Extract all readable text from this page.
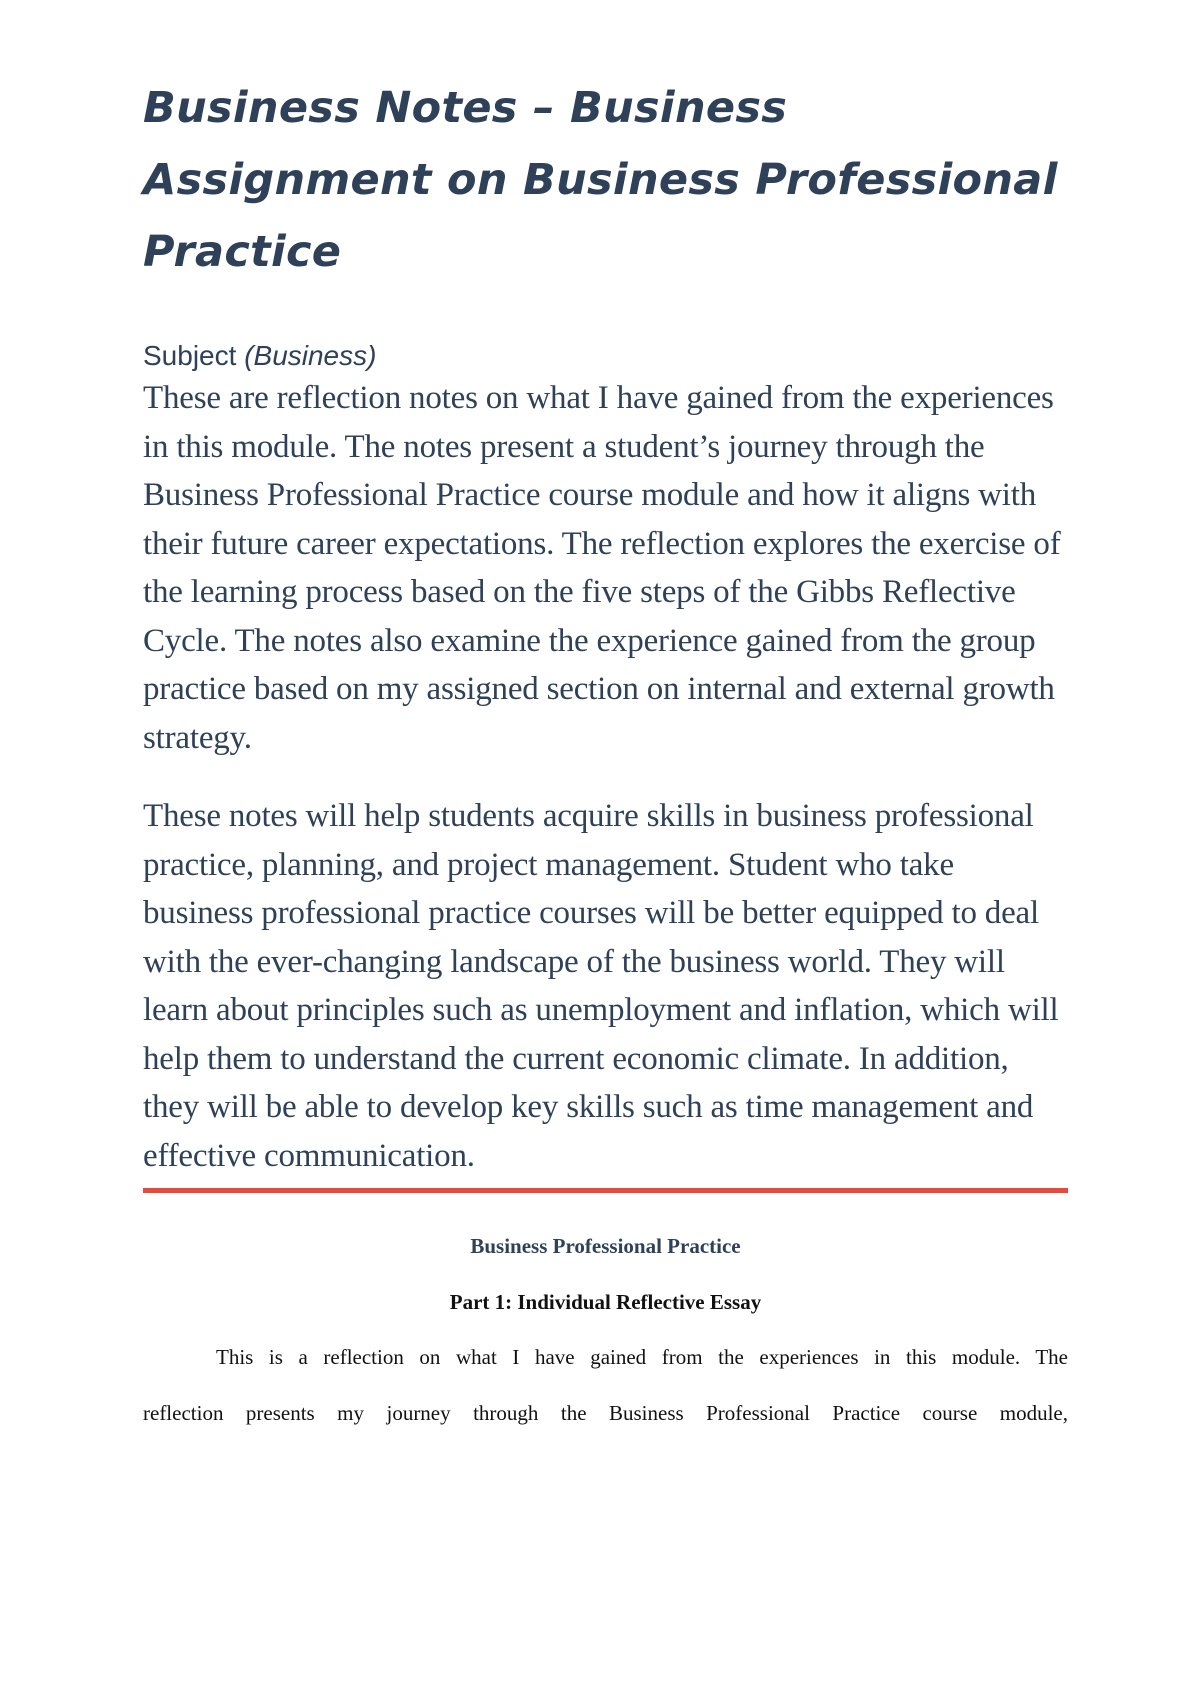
Business Notes – Business Assignment on Business Professional Practice

Subject (Business)

These are reflection notes on what I have gained from the experiences in this module. The notes present a student’s journey through the Business Professional Practice course module and how it aligns with their future career expectations. The reflection explores the exercise of the learning process based on the five steps of the Gibbs Reflective Cycle. The notes also examine the experience gained from the group practice based on my assigned section on internal and external growth strategy.

These notes will help students acquire skills in business professional practice, planning, and project management. Student who take business professional practice courses will be better equipped to deal with the ever-changing landscape of the business world. They will learn about principles such as unemployment and inflation, which will help them to understand the current economic climate. In addition, they will be able to develop key skills such as time management and effective communication.

Business Professional Practice

Part 1: Individual Reflective Essay

This is a reflection on what I have gained from the experiences in this module. The

reflection presents my journey through the Business Professional Practice course module,
